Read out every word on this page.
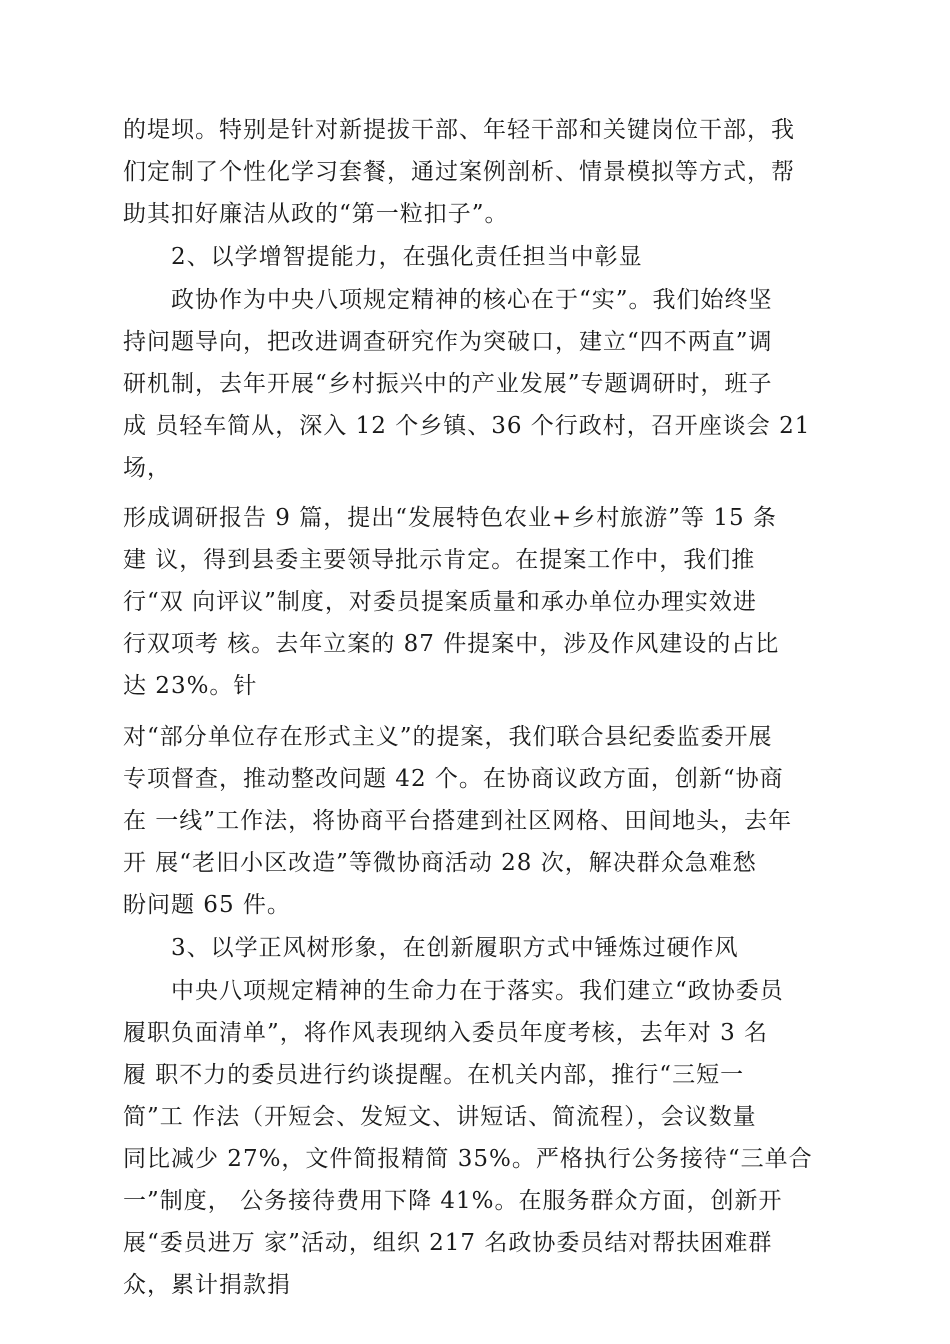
的堤坝。特别是针对新提拔干部、年轻干部和关键岗位干部，我
们定制了个性化学习套餐，通过案例剖析、情景模拟等方式，帮
助其扣好廉洁从政的“第一粒扣子”。
2、以学增智提能力，在强化责任担当中彰显
政协作为中央八项规定精神的核心在于“实”。我们始终坚
持问题导向，把改进调查研究作为突破口，建立“四不两直”调
研机制，去年开展“乡村振兴中的产业发展”专题调研时，班子
成 员轻车简从，深入 12 个乡镇、36 个行政村，召开座谈会 21
场，
形成调研报告 9 篇，提出“发展特色农业+乡村旅游”等 15 条
建 议，得到县委主要领导批示肯定。在提案工作中，我们推
行“双 向评议”制度，对委员提案质量和承办单位办理实效进
行双项考 核。去年立案的 87 件提案中，涉及作风建设的占比
达 23%。针
对“部分单位存在形式主义”的提案，我们联合县纪委监委开展
专项督查，推动整改问题 42 个。在协商议政方面，创新“协商
在 一线”工作法，将协商平台搭建到社区网格、田间地头，去年
开 展“老旧小区改造”等微协商活动 28 次，解决群众急难愁
盼问题 65 件。
3、以学正风树形象，在创新履职方式中锤炼过硬作风
中央八项规定精神的生命力在于落实。我们建立“政协委员
履职负面清单”，将作风表现纳入委员年度考核，去年对 3 名
履 职不力的委员进行约谈提醒。在机关内部，推行“三短一
简”工 作法（开短会、发短文、讲短话、简流程），会议数量
同比减少 27%，文件简报精简 35%。严格执行公务接待“三单合
一”制度， 公务接待费用下降 41%。在服务群众方面，创新开
展“委员进万 家”活动，组织 217 名政协委员结对帮扶困难群
众，累计捐款捐
